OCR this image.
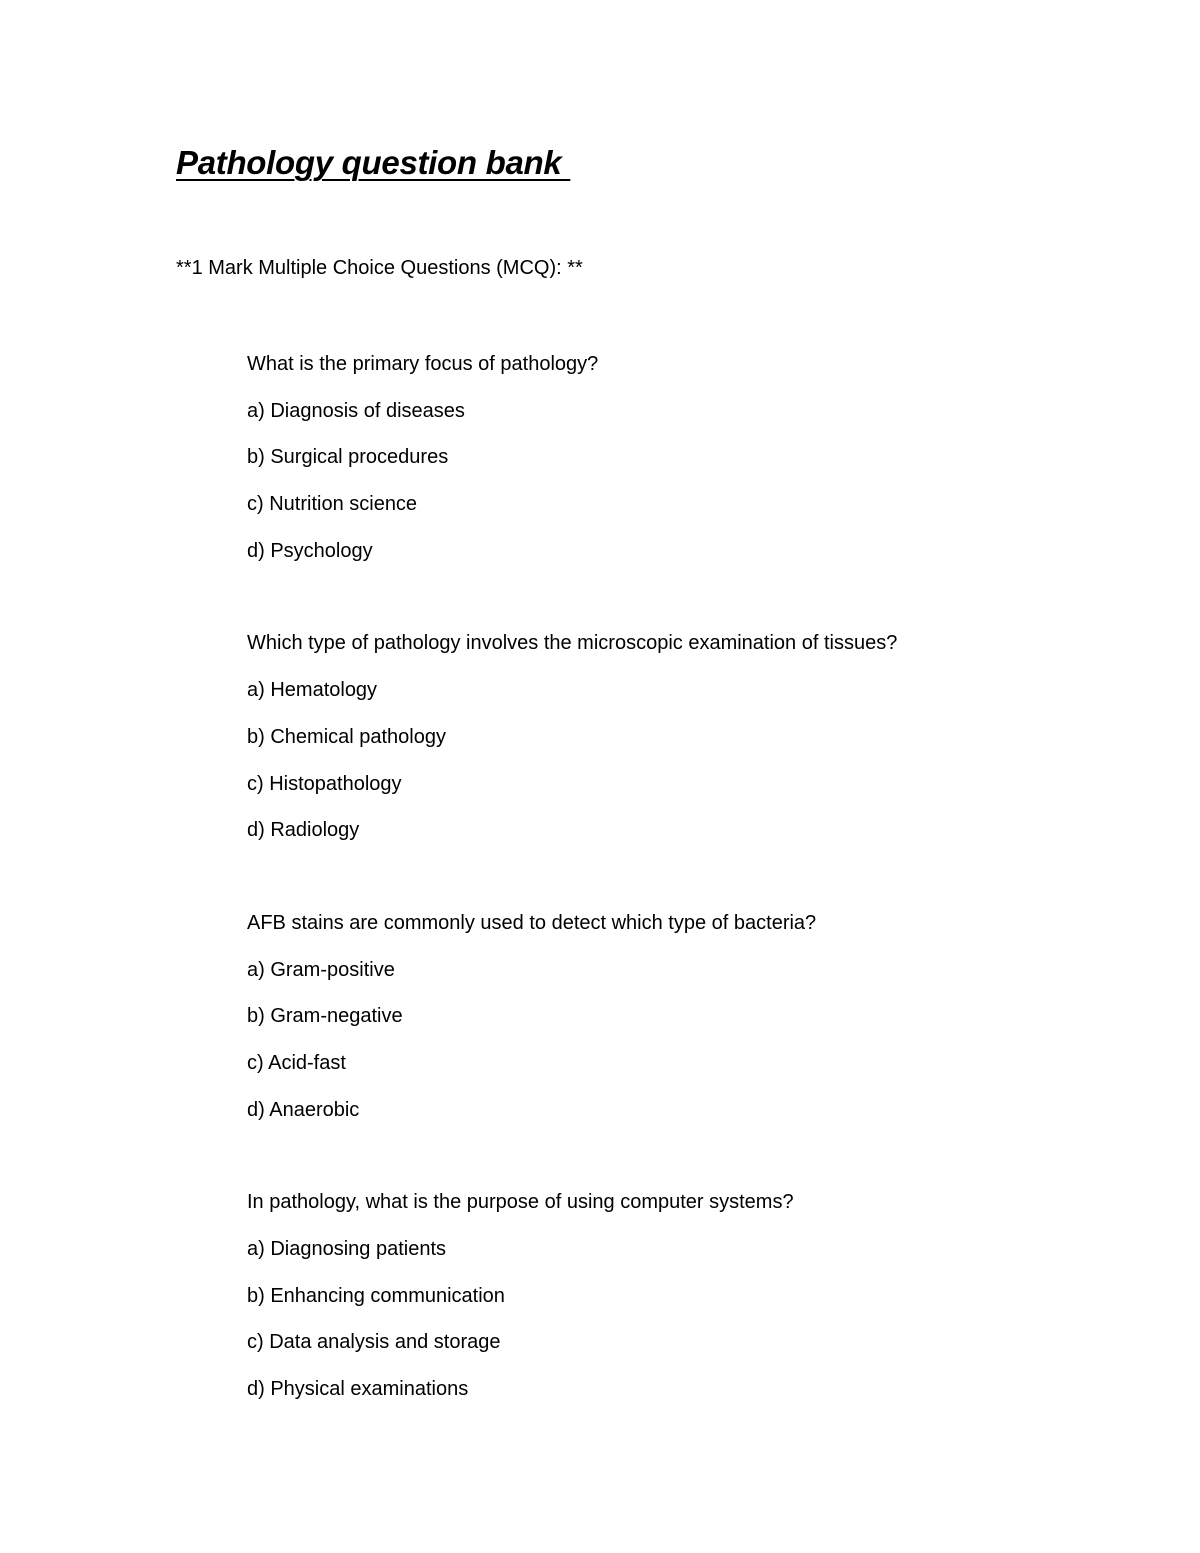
Pathology question bank
**1 Mark Multiple Choice Questions (MCQ): **
What is the primary focus of pathology?
a) Diagnosis of diseases
b) Surgical procedures
c) Nutrition science
d) Psychology
Which type of pathology involves the microscopic examination of tissues?
a) Hematology
b) Chemical pathology
c) Histopathology
d) Radiology
AFB stains are commonly used to detect which type of bacteria?
a) Gram-positive
b) Gram-negative
c) Acid-fast
d) Anaerobic
In pathology, what is the purpose of using computer systems?
a) Diagnosing patients
b) Enhancing communication
c) Data analysis and storage
d) Physical examinations
